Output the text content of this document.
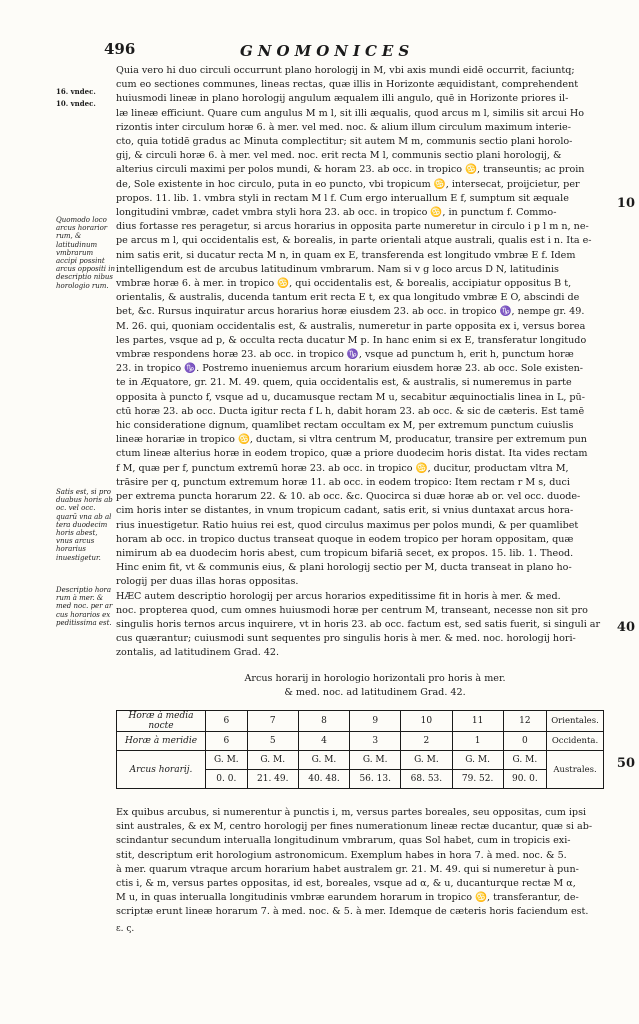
496	GNOMONICES
10
40
50
16. vndec.
10. vndec.
Quomodo loco arcus horarior rum, & latitudinum vmbrarum accipi possint arcus oppositi in descriptio nibus horologio rum.
Satis est, si pro duabus horis ab oc. vel occ. quarū vna ab al tera duodecim horis abest, vnus arcus horarius inuestigetur.
Descriptio hora rum à mer. & med noc. per ar cus horarios ex peditissima est.
Quia vero hi duo circuli occurrunt plano horologij in M, vbi axis mundi eidē occurrit, faciuntq;
cum eo sectiones communes, lineas rectas, quæ illis in Horizonte æquidistant, comprehendent
huiusmodi lineæ in plano horologij angulum æqualem illi angulo, quē in Horizonte priores il-
læ lineæ efficiunt. Quare cum angulus M m l, sit illi æqualis, quod arcus m l, similis sit arcui Ho
rizontis inter circulum horæ 6. à mer. vel med. noc. & alium illum circulum maximum interie-
cto, quia totidē gradus ac Minuta complectitur; sit autem M m, communis sectio plani horolo-
gij, & circuli horæ 6. à mer. vel med. noc. erit recta M l, communis sectio plani horologij, &
alterius circuli maximi per polos mundi, & horam 23. ab occ. in tropico ♋, transeuntis; ac proin
de, Sole existente in hoc circulo, puta in eo puncto, vbi tropicum ♋, intersecat, proijcietur, per
propos. 11. lib. 1. vmbra styli in rectam M l f. Cum ergo interuallum E f, sumptum sit æquale
longitudini vmbræ, cadet vmbra styli hora 23. ab occ. in tropico ♋, in punctum f. Commo-
dius fortasse res peragetur, si arcus horarius in opposita parte numeretur in circulo i p l m n, ne-
pe arcus m l, qui occidentalis est, & borealis, in parte orientali atque australi, qualis est i n. Ita e-
nim satis erit, si ducatur recta M n, in quam ex E, transferenda est longitudo vmbræ E f. Idem
intelligendum est de arcubus latitudinum vmbrarum. Nam si v g loco arcus D N, latitudinis
vmbræ horæ 6. à mer. in tropico ♋, qui occidentalis est, & borealis, accipiatur oppositus B t,
orientalis, & australis, ducenda tantum erit recta E t, ex qua longitudo vmbræ E O, abscindi de
bet, &c. Rursus inquiratur arcus horarius horæ eiusdem 23. ab occ. in tropico ♑, nempe gr. 49.
M. 26. qui, quoniam occidentalis est, & australis, numeretur in parte opposita ex i, versus borea
les partes, vsque ad p, & occulta recta ducatur M p. In hanc enim si ex E, transferatur longitudo
vmbræ respondens horæ 23. ab occ. in tropico ♑, vsque ad punctum h, erit h, punctum horæ
23. in tropico ♑. Postremo inueniemus arcum horarium eiusdem horæ 23. ab occ. Sole existen-
te in Æquatore, gr. 21. M. 49. quem, quia occidentalis est, & australis, si numeremus in parte
opposita à puncto f, vsque ad u, ducamusque rectam M u, secabitur æquinoctialis linea in L, pū-
ctū horæ 23. ab occ. Ducta igitur recta f L h, dabit horam 23. ab occ. & sic de cæteris. Est tamē
hic consideratione dignum, quamlibet rectam occultam ex M, per extremum punctum cuiuslis
lineæ horariæ in tropico ♋, ductam, si vltra centrum M, producatur, transire per extremum pun
ctum lineæ alterius horæ in eodem tropico, quæ a priore duodecim horis distat. Ita vides rectam
f M, quæ per f, punctum extremū horæ 23. ab occ. in tropico ♋, ducitur, productam vltra M,
trāsire per q, punctum extremum horæ 11. ab occ. in eodem tropico: Item rectam r M s, duci
per extrema puncta horarum 22. & 10. ab occ. &c. Quocirca si duæ horæ ab or. vel occ. duode-
cim horis inter se distantes, in vnum tropicum cadant, satis erit, si vnius duntaxat arcus hora-
rius inuestigetur. Ratio huius rei est, quod circulus maximus per polos mundi, & per quamlibet
horam ab occ. in tropico ductus transeat quoque in eodem tropico per horam oppositam, quæ
nimirum ab ea duodecim horis abest, cum tropicum bifariā secet, ex propos. 15. lib. 1. Theod.
Hinc enim fit, vt & communis eius, & plani horologij sectio per M, ducta transeat in plano ho-
rologij per duas illas horas oppositas.
HÆC autem descriptio horologij per arcus horarios expeditissime fit in horis à mer. & med.
noc. propterea quod, cum omnes huiusmodi horæ per centrum M, transeant, necesse non sit pro
singulis horis ternos arcus inquirere, vt in horis 23. ab occ. factum est, sed satis fuerit, si singuli ar
cus quærantur; cuiusmodi sunt sequentes pro singulis horis à mer. & med. noc. horologij hori-
zontalis, ad latitudinem Grad. 42.
Arcus horarij in horologio horizontali pro horis à mer.
& med. noc. ad latitudinem Grad. 42.
Horæ à media nocte	6	7	8	9	10	11	12	Orientales.
Horæ à meridie	6	5	4	3	2	1	0	Occidenta.
Arcus horarij.	G. M.	G. M.	G. M.	G. M.	G. M.	G. M.	G. M.	Australes.
	0. 0.	21. 49.	40. 48.	56. 13.	68. 53.	79. 52.	90. 0.	
Ex quibus arcubus, si numerentur à punctis i, m, versus partes boreales, seu oppositas, cum ipsi
sint australes, & ex M, centro horologij per fines numerationum lineæ rectæ ducantur, quæ si ab-
scindantur secundum interualla longitudinum vmbrarum, quas Sol habet, cum in tropicis exi-
stit, descriptum erit horologium astronomicum. Exemplum habes in hora 7. à med. noc. & 5.
à mer. quarum vtraque arcum horarium habet australem gr. 21. M. 49. qui si numeretur à pun-
ctis i, & m, versus partes oppositas, id est, boreales, vsque ad α, & u, ducanturque rectæ M α,
M u, in quas interualla longitudinis vmbræ earundem horarum in tropico ♋, transferantur, de-
scriptæ erunt lineæ horarum 7. à med. noc. & 5. à mer. Idemque de cæteris horis faciendum est.
ε. ς.
